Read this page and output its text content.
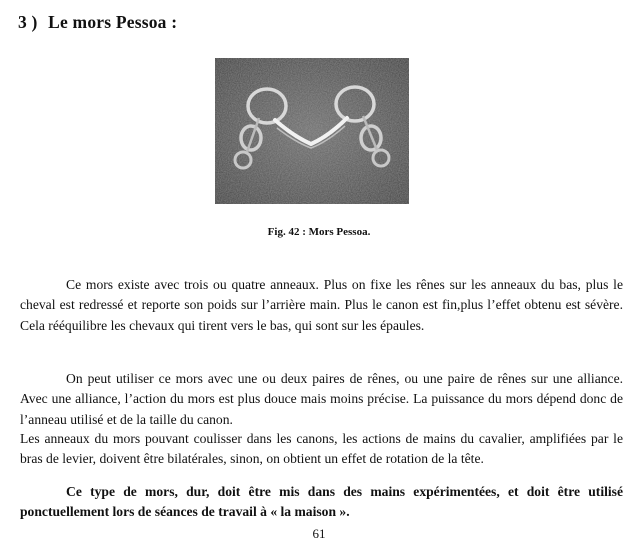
3 ) Le mors Pessoa :
Fig. 42 : Mors Pessoa.

Ce mors existe avec trois ou quatre anneaux. Plus on fixe les rênes sur les anneaux du bas, plus le cheval est redressé et reporte son poids sur l’arrière main. Plus le canon est fin,plus l’effet obtenu est sévère. Cela rééquilibre les chevaux qui tirent vers le bas, qui sont sur les épaules.

On peut utiliser ce mors avec une ou deux paires de rênes, ou une paire de rênes sur une alliance. Avec une alliance, l’action du mors est plus douce mais moins précise. La puissance du mors dépend donc de l’anneau utilisé et de la taille du canon.

Les anneaux du mors pouvant coulisser dans les canons, les actions de mains du cavalier, amplifiées par le bras de levier, doivent être bilatérales, sinon, on obtient un effet de rotation de la tête.

Ce type de mors, dur, doit être mis dans des mains expérimentées, et doit être utilisé ponctuellement lors de séances de travail à « la maison ».

61
